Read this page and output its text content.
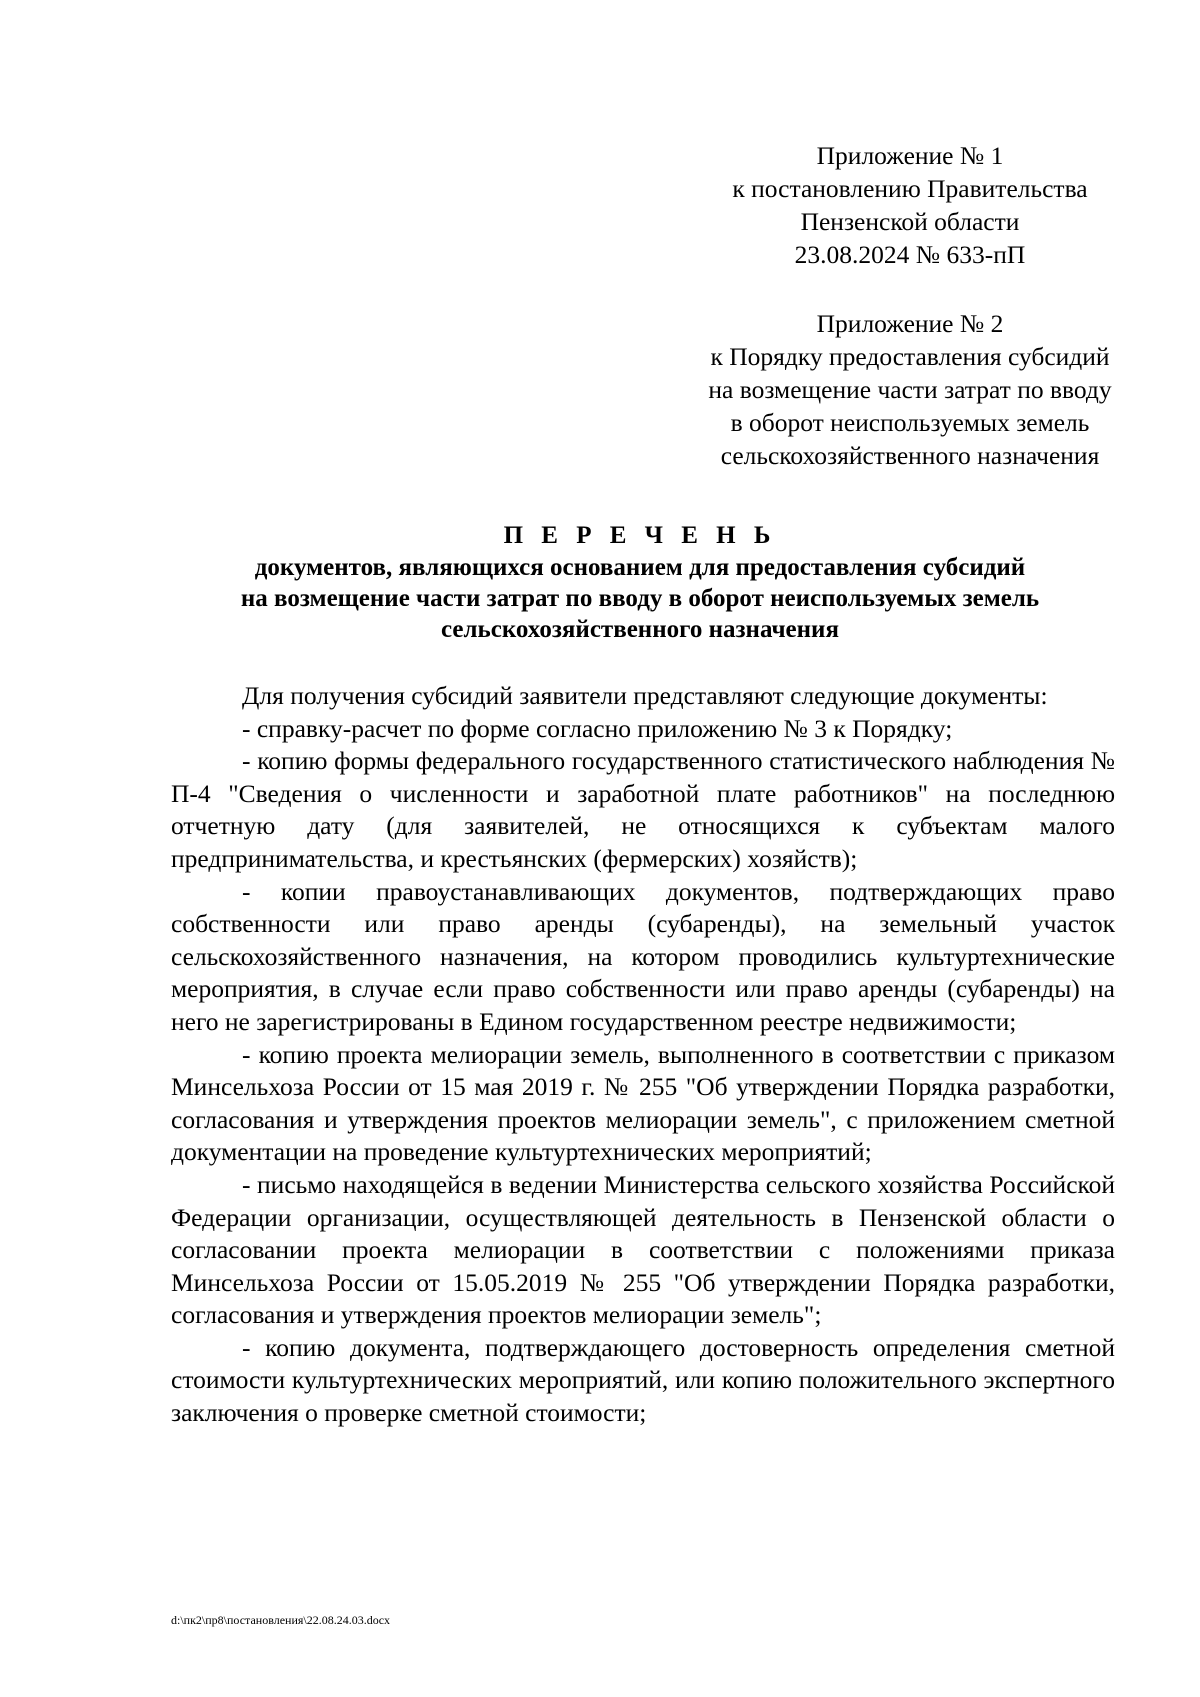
Приложение № 1
к постановлению Правительства
Пензенской области
23.08.2024 № 633-пП
Приложение № 2
к Порядку предоставления субсидий
на возмещение части затрат по вводу
в оборот неиспользуемых земель
сельскохозяйственного назначения
П Е Р Е Ч Е Н Ь
документов, являющихся основанием для предоставления субсидий
на возмещение части затрат по вводу в оборот неиспользуемых земель
сельскохозяйственного назначения

Для получения субсидий заявители представляют следующие документы:

- справку-расчет по форме согласно приложению № 3 к Порядку;

- копию формы федерального государственного статистического наблюдения № П-4 "Сведения о численности и заработной плате работников" на последнюю отчетную дату (для заявителей, не относящихся к субъектам малого предпринимательства, и крестьянских (фермерских) хозяйств);

- копии правоустанавливающих документов, подтверждающих право собственности или право аренды (субаренды), на земельный участок сельскохозяйственного назначения, на котором проводились культуртехнические мероприятия, в случае если право собственности или право аренды (субаренды) на него не зарегистрированы в Едином государственном реестре недвижимости;

- копию проекта мелиорации земель, выполненного в соответствии с приказом Минсельхоза России от 15 мая 2019 г. № 255 "Об утверждении Порядка разработки, согласования и утверждения проектов мелиорации земель", с приложением сметной документации на проведение культуртехнических мероприятий;

- письмо находящейся в ведении Министерства сельского хозяйства Российской Федерации организации, осуществляющей деятельность в Пензенской области о согласовании проекта мелиорации в соответствии с положениями приказа Минсельхоза России от 15.05.2019 № 255 "Об утверждении Порядка разработки, согласования и утверждения проектов мелиорации земель";

- копию документа, подтверждающего достоверность определения сметной стоимости культуртехнических мероприятий, или копию положительного экспертного заключения о проверке сметной стоимости;

d:\пк2\пр8\постановления\22.08.24.03.docx
